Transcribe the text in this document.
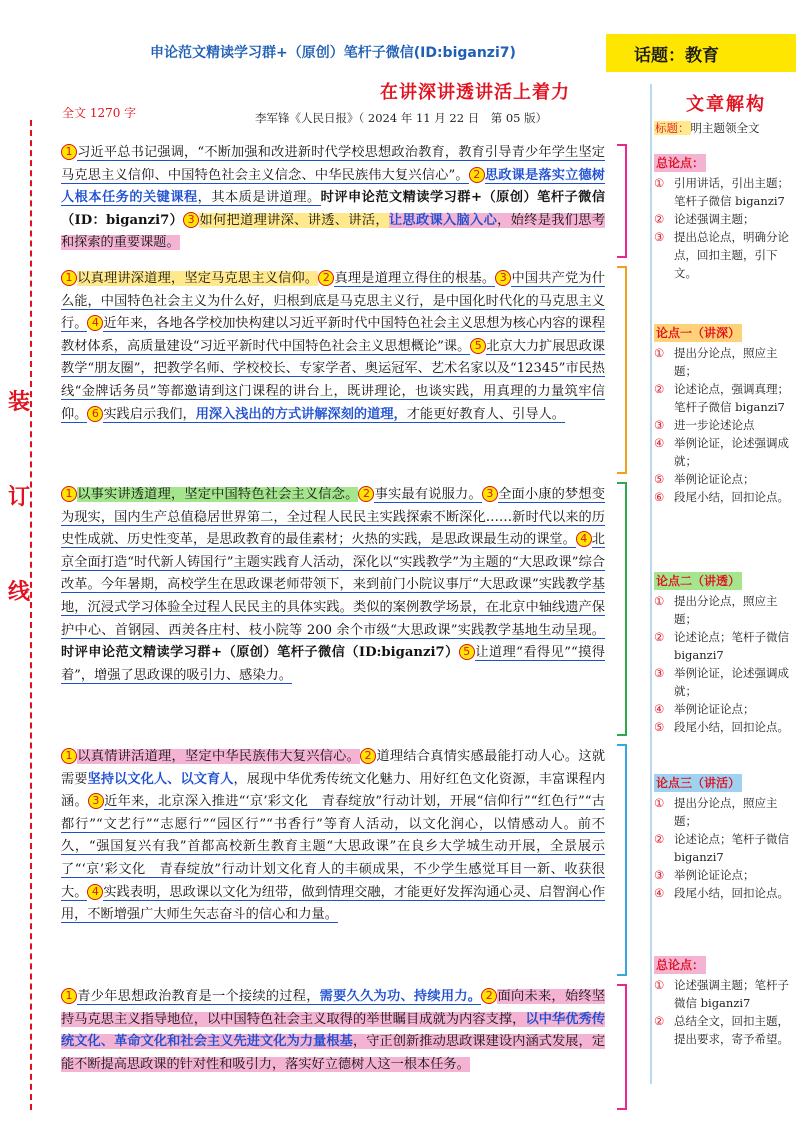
申论范文精读学习群+（原创）笔杆子微信(ID:biganzi7)	话题：教育
在讲深讲透讲活上着力
全文 1270 字	李军锋《人民日报》（ 2024 年 11 月 22 日　第 05 版）
装
订
线
1 习近平总书记强调，“不断加强和改进新时代学校思想政治教育，教育引导青少年学生坚定马克思主义信仰、中国特色社会主义信念、中华民族伟大复兴信心”。 2 思政课是落实立德树人根本任务的关键课程，其本质是讲道理。时评申论范文精读学习群+（原创）笔杆子微信（ID：biganzi7） 3 如何把道理讲深、讲透、讲活，让思政课入脑入心，始终是我们思考和探索的重要课题。
1 以真理讲深道理，坚定马克思主义信仰。 2 真理是道理立得住的根基。 3 中国共产党为什么能，中国特色社会主义为什么好，归根到底是马克思主义行，是中国化时代化的马克思主义行。 4 近年来，各地各学校加快构建以习近平新时代中国特色社会主义思想为核心内容的课程教材体系，高质量建设“习近平新时代中国特色社会主义思想概论”课。 5 北京大力扩展思政课教学“朋友圈”，把教学名师、学校校长、专家学者、奥运冠军、艺术名家以及“12345”市民热线“金牌话务员”等都邀请到这门课程的讲台上，既讲理论，也谈实践，用真理的力量筑牢信仰。 6 实践启示我们，用深入浅出的方式讲解深刻的道理，才能更好教育人、引导人。
1 以事实讲透道理，坚定中国特色社会主义信念。 2 事实最有说服力。 3 全面小康的梦想变为现实，国内生产总值稳居世界第二，全过程人民民主实践探索不断深化……新时代以来的历史性成就、历史性变革，是思政教育的最佳素材；火热的实践，是思政课最生动的课堂。 4 北京全面打造“时代新人铸国行”主题实践育人活动，深化以“实践教学”为主题的“大思政课”综合改革。今年暑期，高校学生在思政课老师带领下，来到前门小院议事厅“大思政课”实践教学基地，沉浸式学习体验全过程人民民主的具体实践。类似的案例教学场景，在北京中轴线遗产保护中心、首钢园、西羙各庄村、枝小院等 200 余个市级“大思政课”实践教学基地生动呈现。时评申论范文精读学习群+（原创）笔杆子微信（ID:biganzi7） 5 让道理“看得见”“摸得着”，增强了思政课的吸引力、感染力。
1 以真情讲活道理，坚定中华民族伟大复兴信心。 2 道理结合真情实感最能打动人心。这就需要坚持以文化人、以文育人，展现中华优秀传统文化魅力、用好红色文化资源，丰富课程内涵。 3 近年来，北京深入推进“‘京’彩文化　青春绽放”行动计划，开展“信仰行”“红色行”“古都行”“文艺行”“志愿行”“园区行”“书香行”等育人活动，以文化润心，以情感动人。前不久，“强国复兴有我”首都高校新生教育主题“大思政课”在良乡大学城生动开展，全景展示了“‘京’彩文化　青春绽放”行动计划文化育人的丰硕成果，不少学生感觉耳目一新、收获很大。 4 实践表明，思政课以文化为纽带，做到情理交融，才能更好发挥沟通心灵、启智润心作用，不断增强广大师生矢志奋斗的信心和力量。
1 青少年思想政治教育是一个接续的过程，需要久久为功、持续用力。 2 面向未来，始终坚持马克思主义指导地位，以中国特色社会主义取得的举世瞩目成就为内容支撑，以中华优秀传统文化、革命文化和社会主义先进文化为力量根基，守正创新推动思政课建设内涵式发展，定能不断提高思政课的针对性和吸引力，落实好立德树人这一根本任务。
文章解构
标题：明主题领全文
总论点：
① 引用讲话，引出主题；笔杆子微信 biganzi7
② 论述强调主题；
③ 提出总论点，明确分论点，回扣主题，引下文。
论点一（讲深）
① 提出分论点，照应主题；
② 论述论点，强调真理；笔杆子微信 biganzi7
③ 进一步论述论点
④ 举例论证，论述强调成就；
⑤ 举例论证论点；
⑥ 段尾小结，回扣论点。
论点二（讲透）
① 提出分论点，照应主题；
② 论述论点；笔杆子微信 biganzi7
③ 举例论证，论述强调成就；
④ 举例论证论点；
⑤ 段尾小结，回扣论点。
论点三（讲活）
① 提出分论点，照应主题；
② 论述论点；笔杆子微信 biganzi7
③ 举例论证论点；
④ 段尾小结，回扣论点。
总论点：
① 论述强调主题；笔杆子微信 biganzi7
② 总结全文，回扣主题，提出要求，寄予希望。
